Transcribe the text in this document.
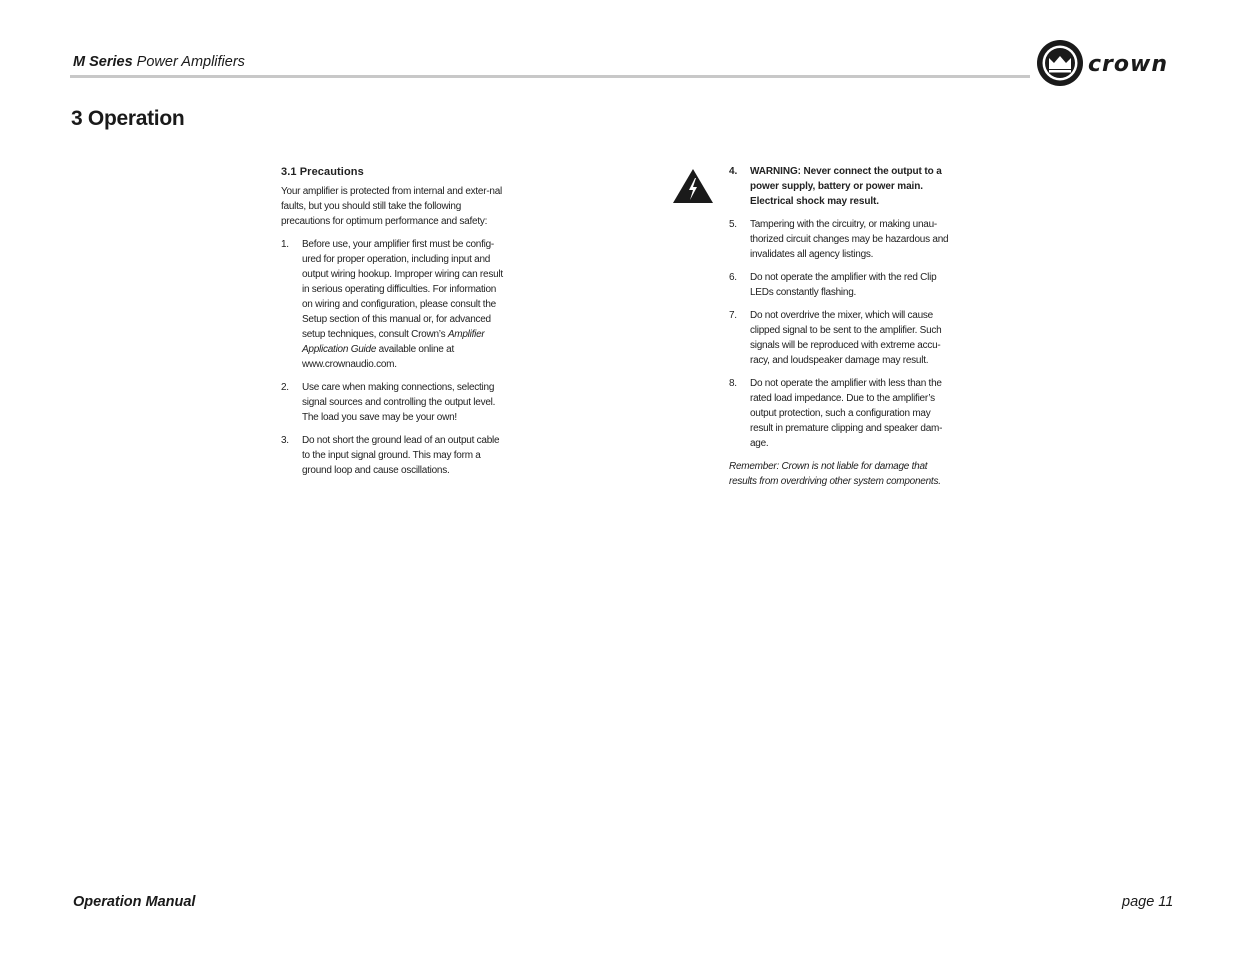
M Series Power Amplifiers	crown
3 Operation

3.1 Precautions

Your amplifier is protected from internal and exter-nal faults, but you should still take the following precautions for optimum performance and safety:

1. Before use, your amplifier first must be config-ured for proper operation, including input and output wiring hookup. Improper wiring can result in serious operating difficulties. For information on wiring and configuration, please consult the Setup section of this manual or, for advanced setup techniques, consult Crown’s Amplifier Application Guide available online at www.crownaudio.com.
2. Use care when making connections, selecting signal sources and controlling the output level. The load you save may be your own!
3. Do not short the ground lead of an output cable to the input signal ground. This may form a ground loop and cause oscillations.
4. WARNING: Never connect the output to a power supply, battery or power main. Electrical shock may result.
5. Tampering with the circuitry, or making unau-thorized circuit changes may be hazardous and invalidates all agency listings.
6. Do not operate the amplifier with the red Clip LEDs constantly flashing.
7. Do not overdrive the mixer, which will cause clipped signal to be sent to the amplifier. Such signals will be reproduced with extreme accu-racy, and loudspeaker damage may result.
8. Do not operate the amplifier with less than the rated load impedance. Due to the amplifier’s output protection, such a configuration may result in premature clipping and speaker dam-age.

Remember: Crown is not liable for damage that results from overdriving other system components.

Operation Manual	page 11
